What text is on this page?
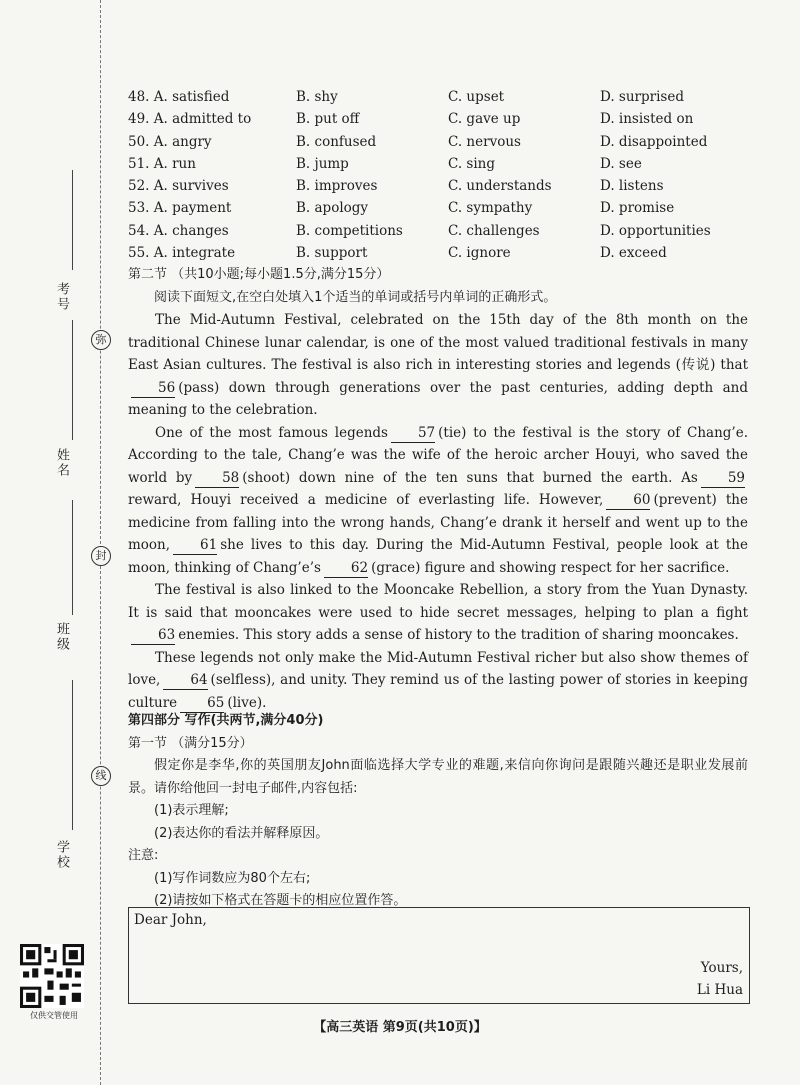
考号
姓名
班级
学校
弥
封
线
仅供交管使用
48. A. satisfied	B. shy	C. upset	D. surprised
49. A. admitted to	B. put off	C. gave up	D. insisted on
50. A. angry	B. confused	C. nervous	D. disappointed
51. A. run	B. jump	C. sing	D. see
52. A. survives	B. improves	C. understands	D. listens
53. A. payment	B. apology	C. sympathy	D. promise
54. A. changes	B. competitions	C. challenges	D. opportunities
55. A. integrate	B. support	C. ignore	D. exceed

第二节 （共10小题;每小题1.5分,满分15分）

阅读下面短文,在空白处填入1个适当的单词或括号内单词的正确形式。

The Mid-Autumn Festival, celebrated on the 15th day of the 8th month on the traditional Chinese lunar calendar, is one of the most valued traditional festivals in many East Asian cultures. The festival is also rich in interesting stories and legends (传说) that56 (pass) down through generations over the past centuries, adding depth and meaning to the celebration.

One of the most famous legends 57 (tie) to the festival is the story of Chang’e. According to the tale, Chang’e was the wife of the heroic archer Houyi, who saved the world by 58 (shoot) down nine of the ten suns that burned the earth. As 59reward, Houyi received a medicine of everlasting life. However, 60 (prevent) the medicine from falling into the wrong hands, Chang’e drank it herself and went up to the moon, 61 she lives to this day. During the Mid-Autumn Festival, people look at the moon, thinking of Chang’e’s 62 (grace) figure and showing respect for her sacrifice.

The festival is also linked to the Mooncake Rebellion, a story from the Yuan Dynasty. It is said that mooncakes were used to hide secret messages, helping to plan a fight63 enemies. This story adds a sense of history to the tradition of sharing mooncakes.

These legends not only make the Mid-Autumn Festival richer but also show themes of love, 64 (selfless), and unity. They remind us of the lasting power of stories in keeping culture 65 (live).

第四部分 写作(共两节,满分40分)

第一节 （满分15分）

假定你是李华,你的英国朋友John面临选择大学专业的难题,来信向你询问是跟随兴趣还是职业发展前景。请你给他回一封电子邮件,内容包括:

(1)表示理解;

(2)表达你的看法并解释原因。

注意:

(1)写作词数应为80个左右;

(2)请按如下格式在答题卡的相应位置作答。

Dear John,
Yours,
Li Hua
【高三英语 第9页(共10页)】
